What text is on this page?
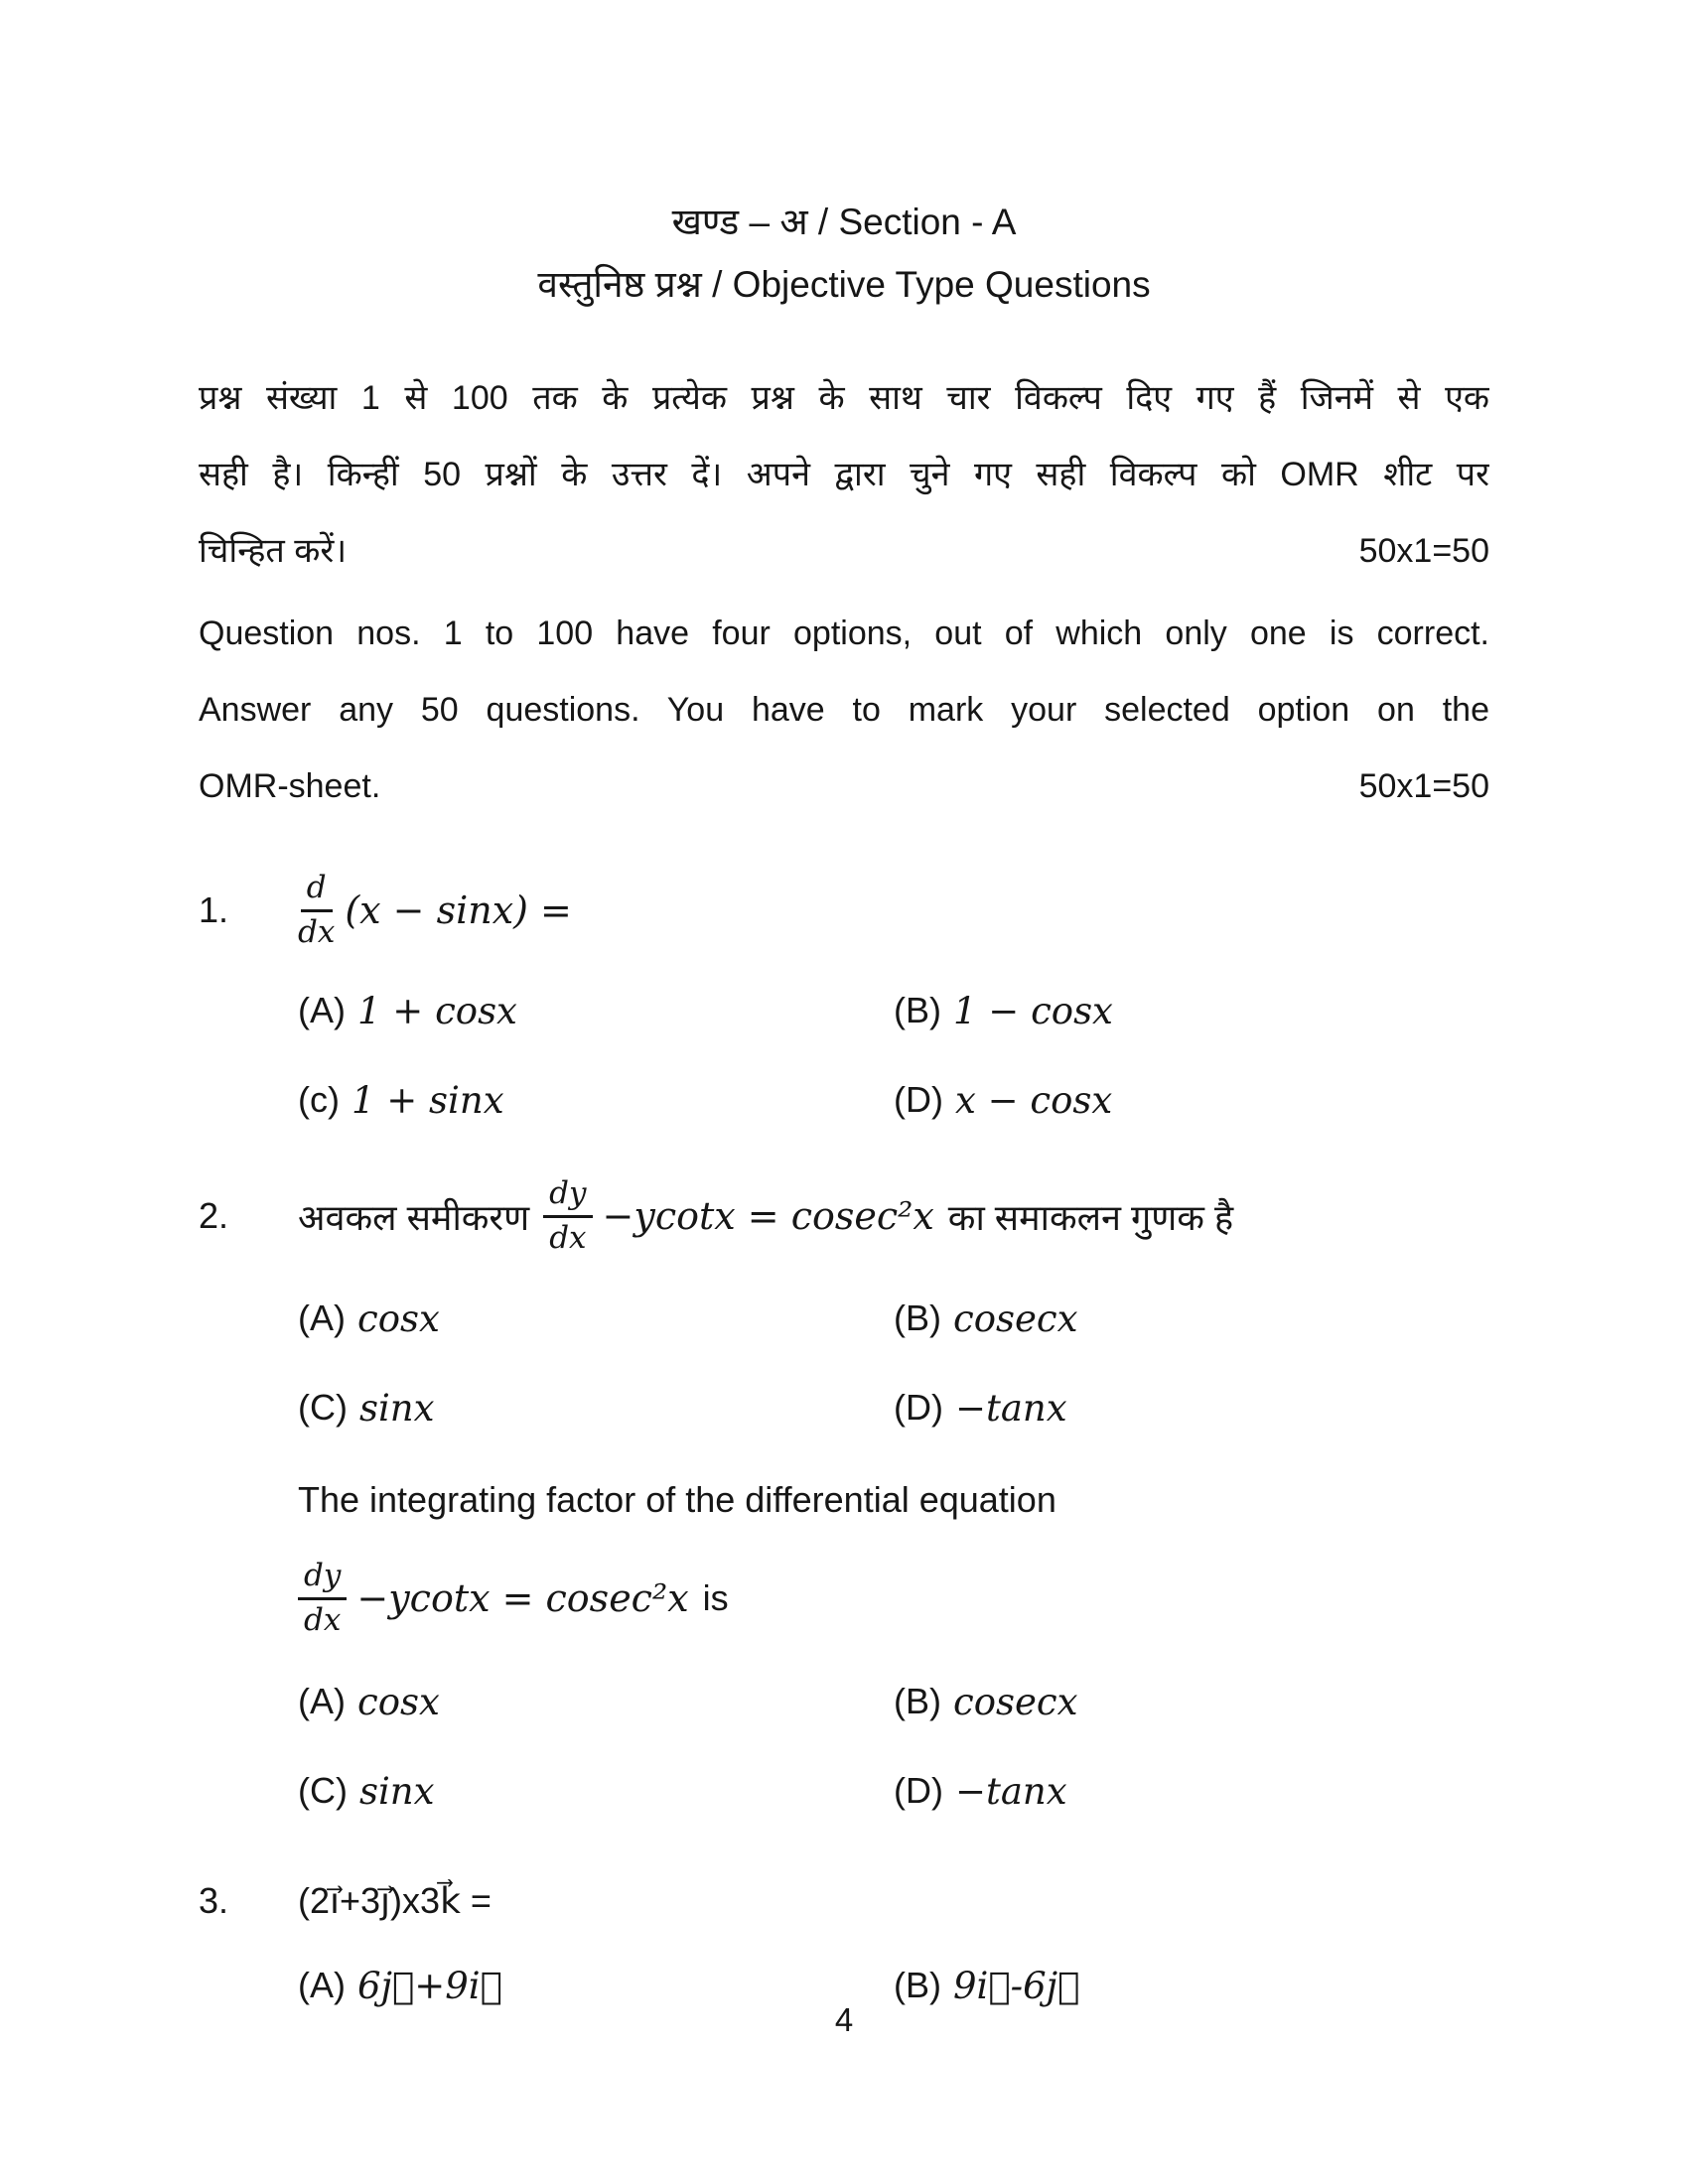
खण्ड – अ / Section - A
वस्तुनिष्ठ प्रश्न / Objective Type Questions
प्रश्न संख्या 1 से 100 तक के प्रत्येक प्रश्न के साथ चार विकल्प दिए गए हैं जिनमें से एक
सही है। किन्हीं 50 प्रश्नों के उत्तर दें। अपने द्वारा चुने गए सही विकल्प को OMR शीट पर
चिन्हित करें।	50x1=50
Question nos. 1 to 100 have four options, out of which only one is correct.
Answer any 50 questions. You have to mark your selected option on the
OMR-sheet.	50x1=50
1.	$\frac{d}{dx} (x - \sin x)$ =
(A) 1 + cosx	(B) 1 − cosx
(c) 1 + sinx	(D) x − cosx
2.	अवकल समीकरण $\frac{dy}{dx} -ycotx = cosec^2x$ का समाकलन गुणक है
(A) cosx	(B) cosecx
(C) sinx	(D) −tanx
The integrating factor of the differential equation
$\frac{dy}{dx} -ycotx = cosec^2x$ is
(A) cosx	(B) cosecx
(C) sinx	(D) −tanx
3.	(2i⃗+3j⃗)x3k⃗ =
(A) 6j⃗+9i⃗	(B) 9i⃗-6j⃗
4
